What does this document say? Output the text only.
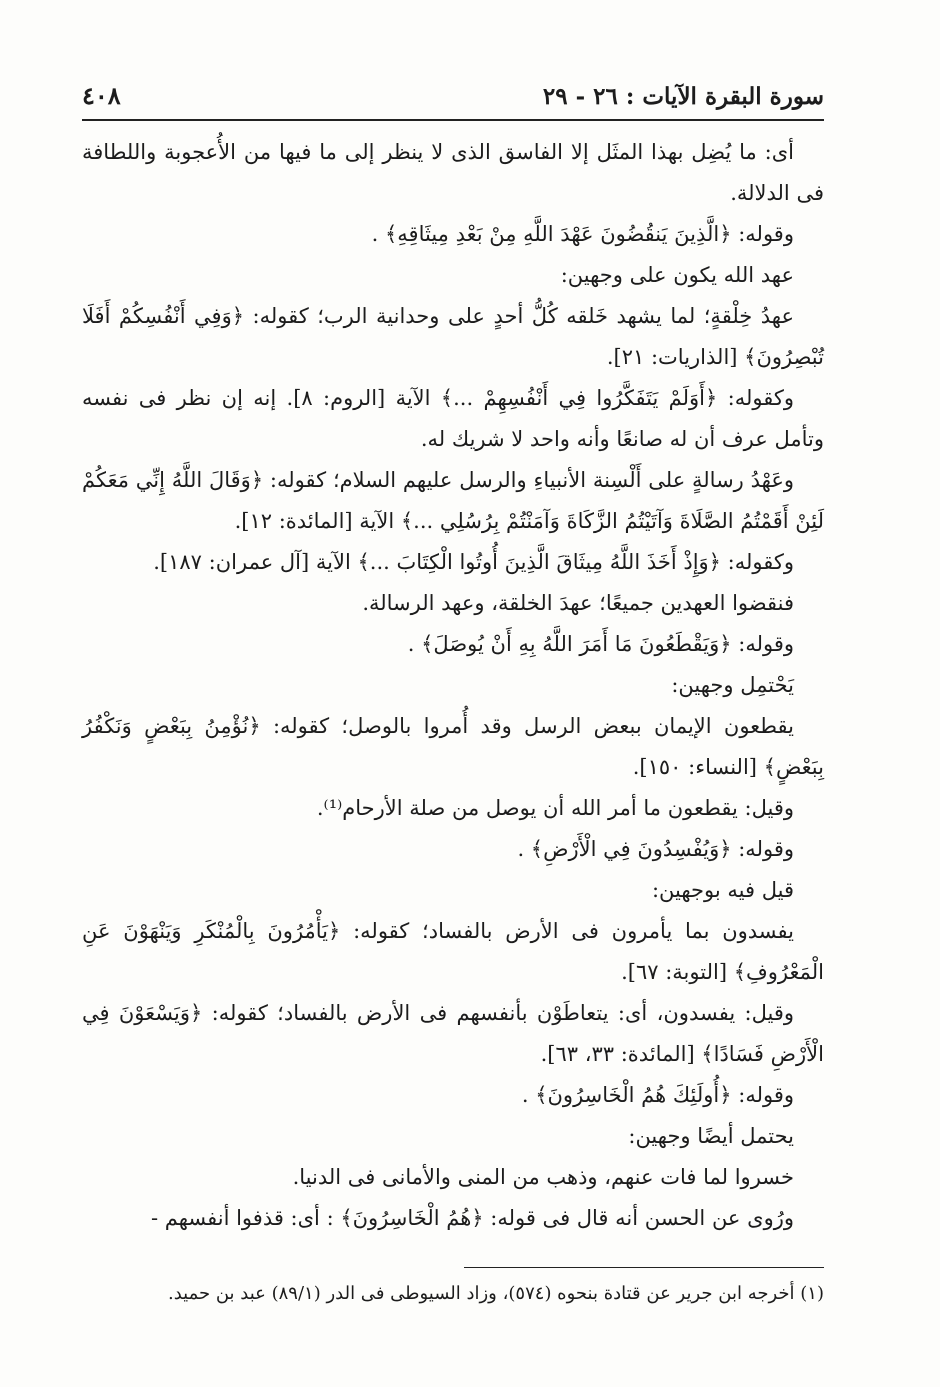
سورة البقرة الآيات : ٢٦ - ٢٩
٤٠٨

أى: ما يُضِل بهذا المثَل إلا الفاسق الذى لا ينظر إلى ما فيها من الأُعجوبة واللطافة فى الدلالة.

وقوله: ﴿الَّذِينَ يَنقُضُونَ عَهْدَ اللَّهِ مِنْ بَعْدِ مِيثَاقِهِ﴾ .

عهد الله يكون على وجهين:

عهدُ خِلْقةٍ؛ لما يشهد خَلقه كُلُّ أحدٍ على وحدانية الرب؛ كقوله: ﴿وَفِي أَنْفُسِكُمْ أَفَلَا تُبْصِرُونَ﴾ [الذاريات: ٢١].

وكقوله: ﴿أَوَلَمْ يَتَفَكَّرُوا فِي أَنْفُسِهِمْ ...﴾ الآية [الروم: ٨]. إنه إن نظر فى نفسه وتأمل عرف أن له صانعًا وأنه واحد لا شريك له.

وعَهْدُ رسالةٍ على أَلْسِنة الأنبياءِ والرسل عليهم السلام؛ كقوله: ﴿وَقَالَ اللَّهُ إِنِّي مَعَكُمْ لَئِنْ أَقَمْتُمُ الصَّلَاةَ وَآتَيْتُمُ الزَّكَاةَ وَآمَنْتُمْ بِرُسُلِي ...﴾ الآية [المائدة: ١٢].

وكقوله: ﴿وَإِذْ أَخَذَ اللَّهُ مِيثَاقَ الَّذِينَ أُوتُوا الْكِتَابَ ...﴾ الآية [آل عمران: ١٨٧].

فنقضوا العهدين جميعًا؛ عهدَ الخلقة، وعهد الرسالة.

وقوله: ﴿وَيَقْطَعُونَ مَا أَمَرَ اللَّهُ بِهِ أَنْ يُوصَلَ﴾ .

يَحْتمِل وجهين:

يقطعون الإيمان ببعض الرسل وقد أُمروا بالوصل؛ كقوله: ﴿نُؤْمِنُ بِبَعْضٍ وَنَكْفُرُ بِبَعْضٍ﴾ [النساء: ١٥٠].

وقيل: يقطعون ما أمر الله أن يوصل من صلة الأرحام⁽¹⁾.

وقوله: ﴿وَيُفْسِدُونَ فِي الْأَرْضِ﴾ .

قيل فيه بوجهين:

يفسدون بما يأمرون فى الأرض بالفساد؛ كقوله: ﴿يَأْمُرُونَ بِالْمُنْكَرِ وَيَنْهَوْنَ عَنِ الْمَعْرُوفِ﴾ [التوبة: ٦٧].

وقيل: يفسدون، أى: يتعاطَوْن بأنفسهم فى الأرض بالفساد؛ كقوله: ﴿وَيَسْعَوْنَ فِي الْأَرْضِ فَسَادًا﴾ [المائدة: ٣٣، ٦٣].

وقوله: ﴿أُولَئِكَ هُمُ الْخَاسِرُونَ﴾ .

يحتمل أيضًا وجهين:

خسروا لما فات عنهم، وذهب من المنى والأمانى فى الدنيا.

ورُوى عن الحسن أنه قال فى قوله: ﴿هُمُ الْخَاسِرُونَ﴾ : أى: قذفوا أنفسهم -

(١) أخرجه ابن جرير عن قتادة بنحوه (٥٧٤)، وزاد السيوطى فى الدر (٨٩/١) عبد بن حميد.
